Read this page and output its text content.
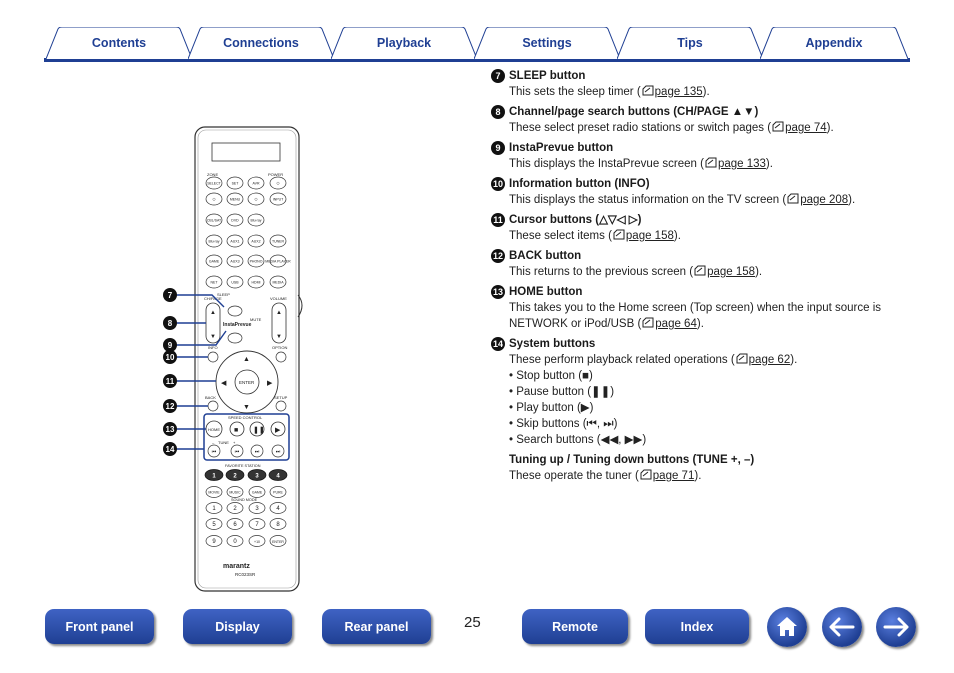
Contents	Connections	Playback	Settings	Tips	Appendix
ZONE	POWER
SELECT	SET	AVR	⏻
⏻	MENU	⏻	INPUT
CBL/SAT	DVD	Blu-ray
Blu-ray	AUX1	AUX2	TUNER
GAME	AUX3	PHONO MEDIA PLAYER
NET	USB	HDMI	MEDIA
SLEEP
CH/PAGE	VOLUME
▲
▼
▲
▼
MUTE
InstaPrevue
INFO	OPTION
ENTER
▲
▼
◀	▶
BACK	SETUP
SPEED CONTROL
HOME ■ ❚❚ ▶
– TUNE +
⏮	⏮	⏭	⏭
FAVORITE STATION
1	2	3	4
MOVIE	MUSIC	GAME	PURE
SOUND MODE
1	2	3	4
5	6	7	8
9	0	+10	ENTER
marantz
RC023SR
7
8
9
10
11
12
13
14
7 SLEEP button
This sets the sleep timer ( page 135).
8 Channel/page search buttons (CH/PAGE ▲▼)
These select preset radio stations or switch pages ( page 74).
9 InstaPrevue button
This displays the InstaPrevue screen ( page 133).
10 Information button (INFO)
This displays the status information on the TV screen ( page 208).
11 Cursor buttons (△▽◁ ▷)
These select items ( page 158).
12 BACK button
This returns to the previous screen ( page 158).
13 HOME button
This takes you to the Home screen (Top screen) when the input source is NETWORK or iPod/USB ( page 64).
14 System buttons
These perform playback related operations ( page 62).
• Stop button (■)
• Pause button (❚❚)
• Play button (▶)
• Skip buttons (⏮, ⏭)
• Search buttons (◀◀, ▶▶)
Tuning up / Tuning down buttons (TUNE +, –)
These operate the tuner ( page 71).
Front panel	Display	Rear panel	25	Remote	Index
